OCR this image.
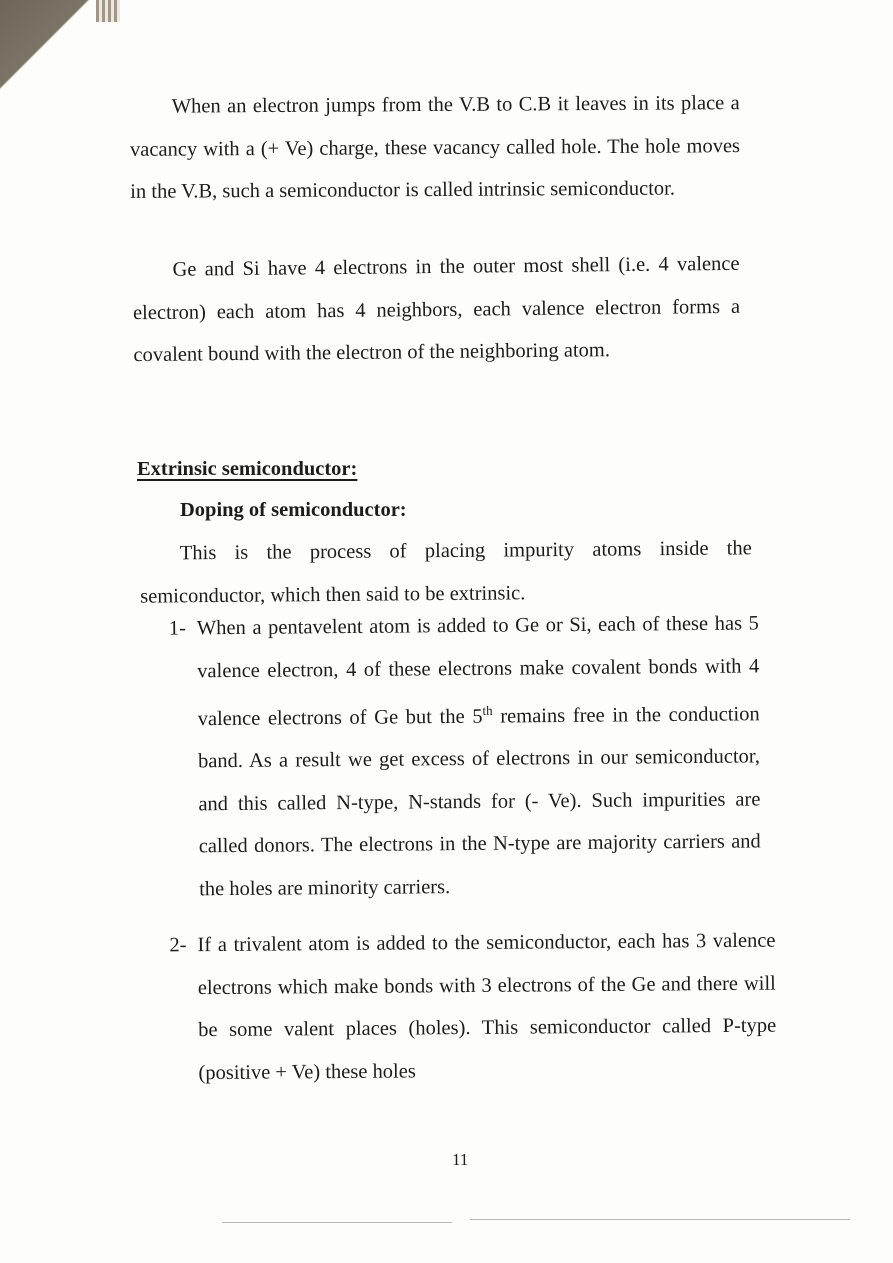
When an electron jumps from the V.B to C.B it leaves in its place a vacancy with a (+ Ve) charge, these vacancy called hole. The hole moves in the V.B, such a semiconductor is called intrinsic semiconductor.

Ge and Si have 4 electrons in the outer most shell (i.e. 4 valence electron) each atom has 4 neighbors, each valence electron forms a covalent bound with the electron of the neighboring atom.

Extrinsic semiconductor:
Doping of semiconductor:

This is the process of placing impurity atoms inside the semiconductor, which then said to be extrinsic.

1- When a pentavelent atom is added to Ge or Si, each of these has 5 valence electron, 4 of these electrons make covalent bonds with 4 valence electrons of Ge but the 5th remains free in the conduction band. As a result we get excess of electrons in our semiconductor, and this called N-type, N-stands for (- Ve). Such impurities are called donors. The electrons in the N-type are majority carriers and the holes are minority carriers.
2- If a trivalent atom is added to the semiconductor, each has 3 valence electrons which make bonds with 3 electrons of the Ge and there will be some valent places (holes). This semiconductor called P-type (positive + Ve) these holes

11
